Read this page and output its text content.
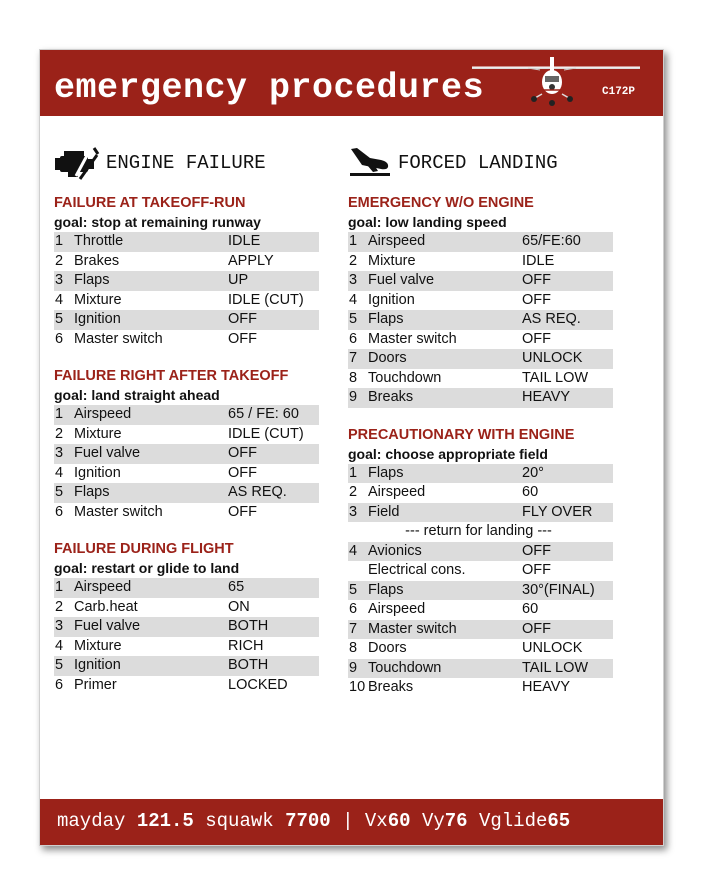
emergency procedures	C172P
ENGINE FAILURE
FAILURE AT TAKEOFF-RUN
goal: stop at remaining runway
1 Throttle	IDLE
2 Brakes	APPLY
3 Flaps	UP
4 Mixture	IDLE (CUT)
5 Ignition	OFF
6 Master switch	OFF
FAILURE RIGHT AFTER TAKEOFF
goal: land straight ahead
1 Airspeed	65 / FE: 60
2 Mixture	IDLE (CUT)
3 Fuel valve	OFF
4 Ignition	OFF
5 Flaps	AS REQ.
6 Master switch	OFF
FAILURE DURING FLIGHT
goal: restart or glide to land
1 Airspeed	65
2 Carb.heat	ON
3 Fuel valve	BOTH
4 Mixture	RICH
5 Ignition	BOTH
6 Primer	LOCKED
FORCED LANDING
EMERGENCY W/O ENGINE
goal: low landing speed
1 Airspeed	65/FE:60
2 Mixture	IDLE
3 Fuel valve	OFF
4 Ignition	OFF
5 Flaps	AS REQ.
6 Master switch	OFF
7 Doors	UNLOCK
8 Touchdown	TAIL LOW
9 Breaks	HEAVY
PRECAUTIONARY WITH ENGINE
goal: choose appropriate field
1 Flaps	20°
2 Airspeed	60
3 Field	FLY OVER
--- return for landing ---
4 Avionics	OFF
Electrical cons.	OFF
5 Flaps	30°(FINAL)
6 Airspeed	60
7 Master switch	OFF
8 Doors	UNLOCK
9 Touchdown	TAIL LOW
10 Breaks	HEAVY
mayday 121.5 squawk 7700 | Vx60 Vy76 Vglide65
